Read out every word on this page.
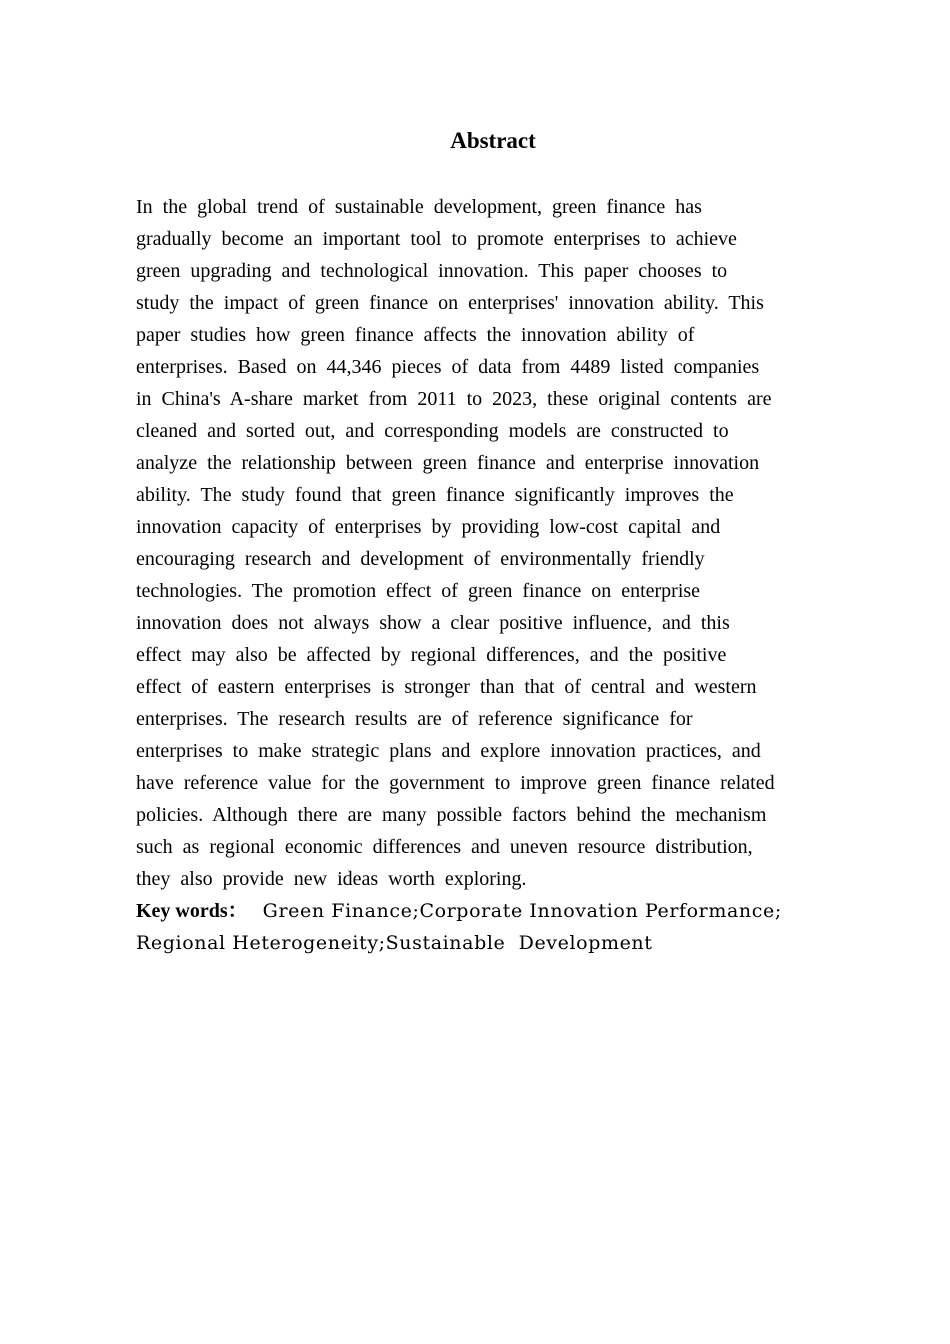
Abstract
In the global trend of sustainable development, green finance has
gradually become an important tool to promote enterprises to achieve
green upgrading and technological innovation. This paper chooses to
study the impact of green finance on enterprises' innovation ability. This
paper studies how green finance affects the innovation ability of
enterprises. Based on 44,346 pieces of data from 4489 listed companies
in China's A-share market from 2011 to 2023, these original contents are
cleaned and sorted out, and corresponding models are constructed to
analyze the relationship between green finance and enterprise innovation
ability. The study found that green finance significantly improves the
innovation capacity of enterprises by providing low-cost capital and
encouraging research and development of environmentally friendly
technologies. The promotion effect of green finance on enterprise
innovation does not always show a clear positive influence, and this
effect may also be affected by regional differences, and the positive
effect of eastern enterprises is stronger than that of central and western
enterprises. The research results are of reference significance for
enterprises to make strategic plans and explore innovation practices, and
have reference value for the government to improve green finance related
policies. Although there are many possible factors behind the mechanism
such as regional economic differences and uneven resource distribution,
they also provide new ideas worth exploring.
Key words： Green Finance;Corporate Innovation Performance;
Regional Heterogeneity;Sustainable  Development
